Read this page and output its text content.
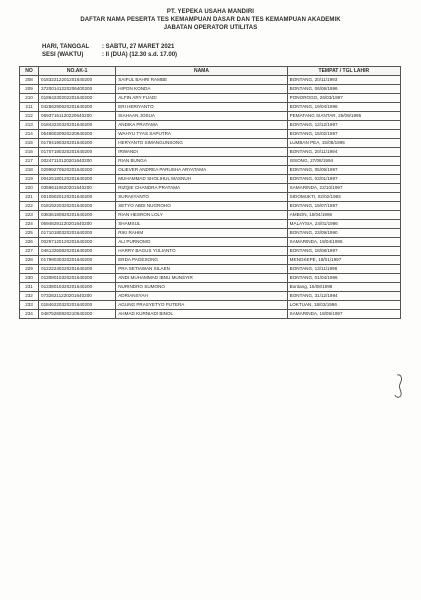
PT. YEPEKA USAHA MANDIRI
DAFTAR NAMA PESERTA TES KEMAMPUAN DASAR DAN TES KEMAMPUAN AKADEMIK
JABATAN OPERATOR UTILITAS
HARI, TANGGAL	: SABTU, 27 MARET 2021
SESI (WAKTU)	: II (DUA) (12.30 s.d. 17.00)
NO	NO.AK-1	NAMA	TEMPAT / TGL LAHIR
208	01832212201201640200	SAIFUL BAHRI RAMBE	BONTANG, 20/11/1993
209	37200141220206400200	HIPON KONDA	BONTANG, 06/06/1996
210	01864230202201640200	ALFIN ARY FUADI	PONOROGO, 26/03/1997
211	04256290620201640200	ERI HERIYANTO	BONTANG, 19/04/1996
212	06937151120220640200	SIAHAAN JOSUA	PEMATANG SIANTAR, 25/09/1995
213	01843220320201640200	ANDIKA PRATAMA	BONTANG, 12/12/1997
214	05486030920220640200	WAHYU TYAS SAPUTRA	BONTANG, 15/02/1997
215	01794190320201640200	HERYANTO SIMANGUNSONG	LUMBAN PEA, 15/08/1995
216	01707180320201640200	IRWANDI	BONTANG, 20/11/1994
217	00247110120201640200	RIAN BUNGA	ISSONG, 27/08/1994
218	02999270520201640200	OLIEVER ANDREA PARUSHA ARYATAMA	BONTANG, 05/06/1997
219	00425180120201640200	MUHAMMAD SHOLIHUL MASNUH	BONTANG, 03/01/1997
220	03596110620201640200	RIZQIE CHANDRA PRATAMA	SAMARINDA, 22/10/1997
221	00109020120201640200	SURAIIYANTO	SIDOMUKTI, 02/02/1993
222	01819220320201640200	SETYO ABDI NUGROHO	BONTANG, 19/07/1997
223	03836180820201640200	RIAN HESRON LOLY	AMBON, 15/04/1996
224	06948291120201640200	SHAMSUL	MALAYSIA, 24/01/1996
225	01710180320201640200	RIKI RAHIM	BONTANG, 23/09/1990
226	00297120120201640200	ALI PURNOMO	SAMARINDA, 19/04/1995
227	04613260820201640200	HARRY BAGUS YULIANTO	BONTANG, 18/08/1997
228	01799030320201640200	ERDA PAGESONG	MENGKEPE, 18/01/1997
229	01222240220201640200	PRA SETIAWAN SILAEN	BONTANG, 13/11/1996
230	01308010320201640200	ANDI MUHAMMAD IBNU MUNSYIR	BONTANG, 01/04/1996
231	01338010320201640200	NURINDRO SUMONO	Bontang, 16/08/1998
232	07328211220201640200	ADRIANSYAH	BONTANG, 31/12/1994
233	01846220320201640200	AGUNG PRASYETYO PUTERA	LOKTUAN, 18/03/1996
234	04875260820210640200	AHMAD KURNIADI BINOL	SAMARINDA, 18/05/1997
